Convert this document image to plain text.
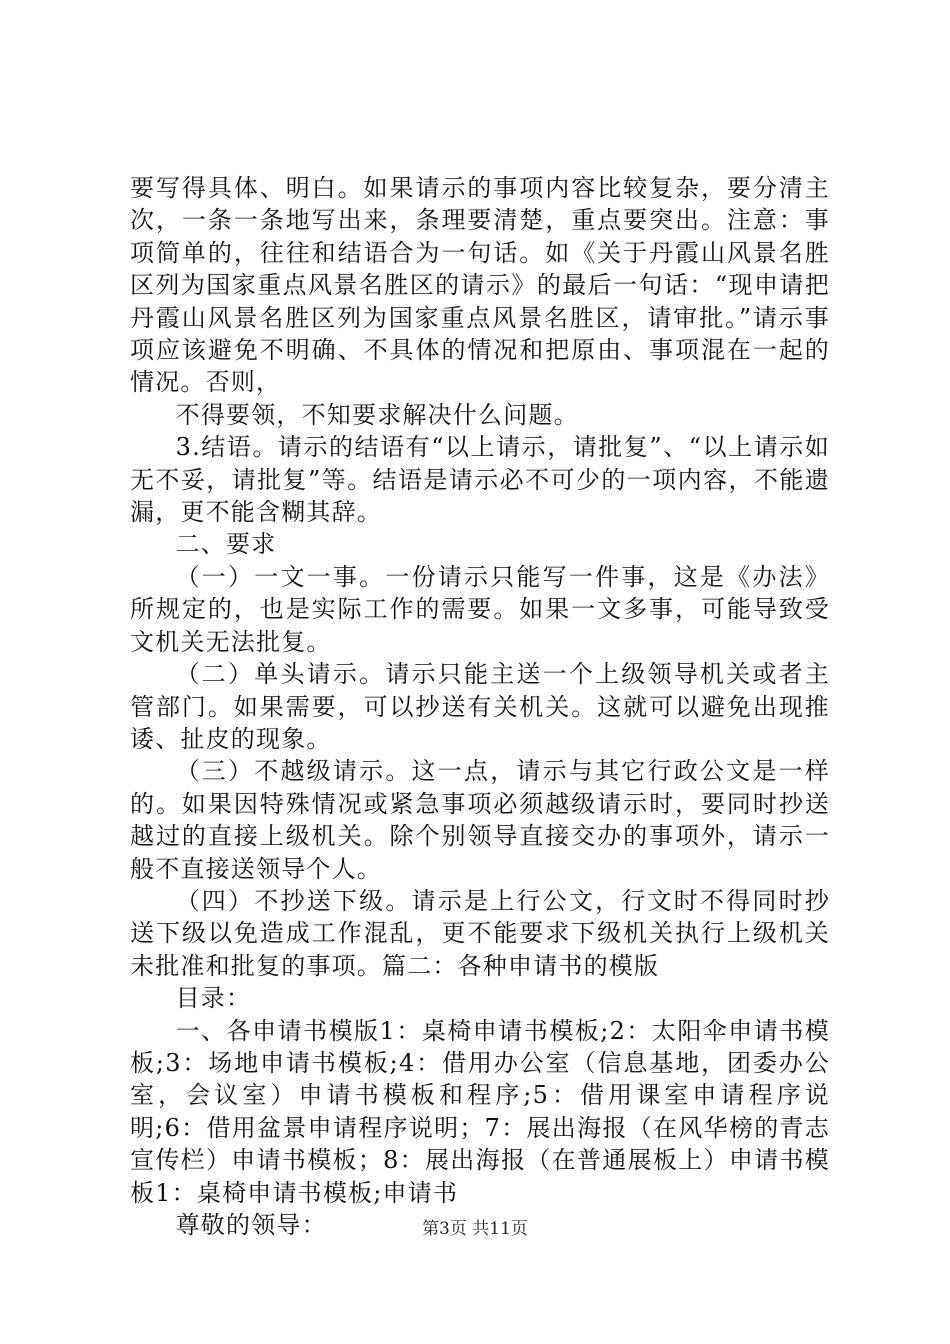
要写得具体、明白。如果请示的事项内容比较复杂，要分清主次，一条一条地写出来，条理要清楚，重点要突出。注意：事项简单的，往往和结语合为一句话。如《关于丹霞山风景名胜区列为国家重点风景名胜区的请示》的最后一句话：“现申请把丹霞山风景名胜区列为国家重点风景名胜区，请审批。”请示事项应该避免不明确、不具体的情况和把原由、事项混在一起的情况。否则，

不得要领，不知要求解决什么问题。

3.结语。请示的结语有“以上请示，请批复”、“以上请示如无不妥，请批复”等。结语是请示必不可少的一项内容，不能遗漏，更不能含糊其辞。

二、要求

（一）一文一事。一份请示只能写一件事，这是《办法》所规定的，也是实际工作的需要。如果一文多事，可能导致受文机关无法批复。

（二）单头请示。请示只能主送一个上级领导机关或者主管部门。如果需要，可以抄送有关机关。这就可以避免出现推诿、扯皮的现象。

（三）不越级请示。这一点，请示与其它行政公文是一样的。如果因特殊情况或紧急事项必须越级请示时，要同时抄送越过的直接上级机关。除个别领导直接交办的事项外，请示一般不直接送领导个人。

（四）不抄送下级。请示是上行公文，行文时不得同时抄送下级以免造成工作混乱，更不能要求下级机关执行上级机关未批准和批复的事项。篇二：各种申请书的模版

目录：

一、各申请书模版1：桌椅申请书模板;2：太阳伞申请书模板;3：场地申请书模板;4：借用办公室（信息基地，团委办公室，会议室）申请书模板和程序;5：借用课室申请程序说明;6：借用盆景申请程序说明；7：展出海报（在风华榜的青志宣传栏）申请书模板；8：展出海报（在普通展板上）申请书模板1：桌椅申请书模板;申请书

尊敬的领导：	第3页 共11页
